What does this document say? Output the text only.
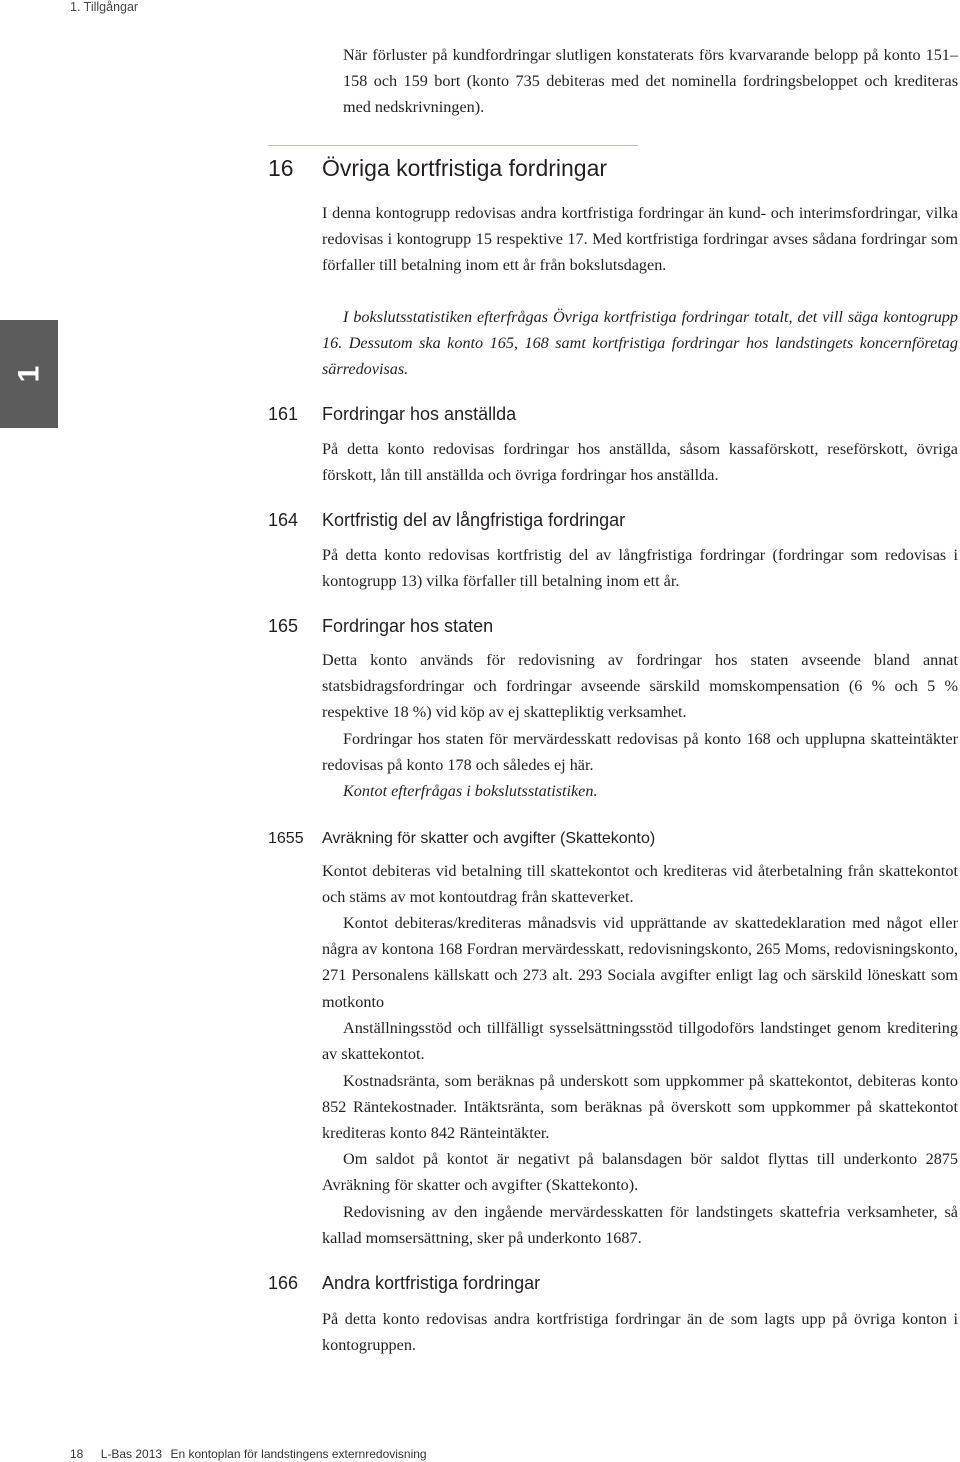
1. Tillgångar
1

När förluster på kundfordringar slutligen konstaterats förs kvarvarande belopp på konto 151–158 och 159 bort (konto 735 debiteras med det nominella fordringsbeloppet och krediteras med nedskrivningen).

16 Övriga kortfristiga fordringar

I denna kontogrupp redovisas andra kortfristiga fordringar än kund- och interimsfordringar, vilka redovisas i kontogrupp 15 respektive 17. Med kortfristiga fordringar avses sådana fordringar som förfaller till betalning inom ett år från bokslutsdagen.

I bokslutsstatistiken efterfrågas Övriga kortfristiga fordringar totalt, det vill säga kontogrupp 16. Dessutom ska konto 165, 168 samt kortfristiga fordringar hos landstingets koncernföretag särredovisas.

161 Fordringar hos anställda

På detta konto redovisas fordringar hos anställda, såsom kassaförskott, reseförskott, övriga förskott, lån till anställda och övriga fordringar hos anställda.

164 Kortfristig del av långfristiga fordringar

På detta konto redovisas kortfristig del av långfristiga fordringar (fordringar som redovisas i kontogrupp 13) vilka förfaller till betalning inom ett år.

165 Fordringar hos staten

Detta konto används för redovisning av fordringar hos staten avseende bland annat statsbidragsfordringar och fordringar avseende särskild momskompensation (6 % och 5 % respektive 18 %) vid köp av ej skattepliktig verksamhet.

Fordringar hos staten för mervärdesskatt redovisas på konto 168 och upplupna skatteintäkter redovisas på konto 178 och således ej här.

Kontot efterfrågas i bokslutsstatistiken.

1655 Avräkning för skatter och avgifter (Skattekonto)

Kontot debiteras vid betalning till skattekontot och krediteras vid återbetalning från skattekontot och stäms av mot kontoutdrag från skatteverket.

Kontot debiteras/krediteras månadsvis vid upprättande av skattedeklaration med något eller några av kontona 168 Fordran mervärdesskatt, redovisningskonto, 265 Moms, redovisningskonto, 271 Personalens källskatt och 273 alt. 293 Sociala avgifter enligt lag och särskild löneskatt som motkonto

Anställningsstöd och tillfälligt sysselsättningsstöd tillgodoförs landstinget genom kreditering av skattekontot.

Kostnadsränta, som beräknas på underskott som uppkommer på skattekontot, debiteras konto 852 Räntekostnader. Intäktsränta, som beräknas på överskott som uppkommer på skattekontot krediteras konto 842 Ränteintäkter.

Om saldot på kontot är negativt på balansdagen bör saldot flyttas till underkonto 2875 Avräkning för skatter och avgifter (Skattekonto).

Redovisning av den ingående mervärdesskatten för landstingets skattefria verksamheter, så kallad momsersättning, sker på underkonto 1687.

166 Andra kortfristiga fordringar

På detta konto redovisas andra kortfristiga fordringar än de som lagts upp på övriga konton i kontogruppen.

18 L-Bas 2013 En kontoplan för landstingens externredovisning
